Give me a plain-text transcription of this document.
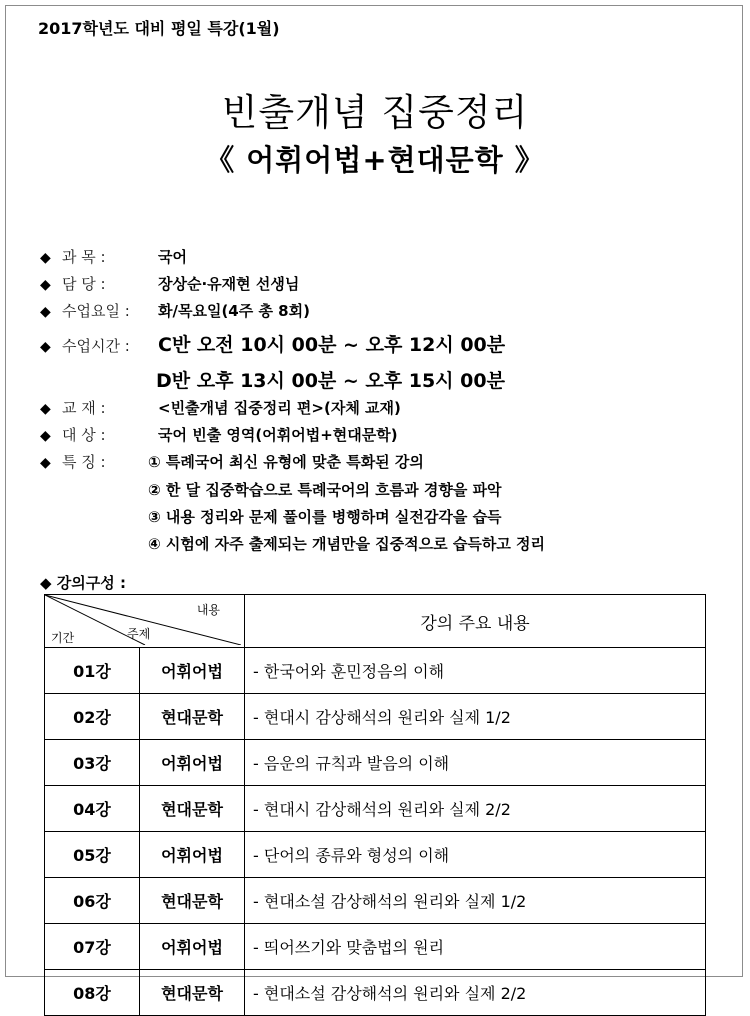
2017학년도 대비 평일 특강(1월)
빈출개념 집중정리
《 어휘어법+현대문학 》
◆ 과 목 :	국어
◆ 담 당 :	장상순·유재현 선생님
◆ 수업요일 : 화/목요일(4주 총 8회)
◆ 수업시간 : C반 오전 10시 00분 ~ 오후 12시 00분
D반 오후 13시 00분 ~ 오후 15시 00분
◆ 교 재 :	<빈출개념 집중정리 편>(자체 교재)
◆ 대 상 :	국어 빈출 영역(어휘어법+현대문학)
◆ 특 징 :	① 특례국어 최신 유형에 맞춘 특화된 강의
② 한 달 집중학습으로 특례국어의 흐름과 경향을 파악
③ 내용 정리와 문제 풀이를 병행하며 실전감각을 습득
④ 시험에 자주 출제되는 개념만을 집중적으로 습득하고 정리
◆ 강의구성 :
내용
주제
기간		강의 주요 내용
01강	어휘어법	- 한국어와 훈민정음의 이해
02강	현대문학	- 현대시 감상해석의 원리와 실제 1/2
03강	어휘어법	- 음운의 규칙과 발음의 이해
04강	현대문학	- 현대시 감상해석의 원리와 실제 2/2
05강	어휘어법	- 단어의 종류와 형성의 이해
06강	현대문학	- 현대소설 감상해석의 원리와 실제 1/2
07강	어휘어법	- 띄어쓰기와 맞춤법의 원리
08강	현대문학	- 현대소설 감상해석의 원리와 실제 2/2
